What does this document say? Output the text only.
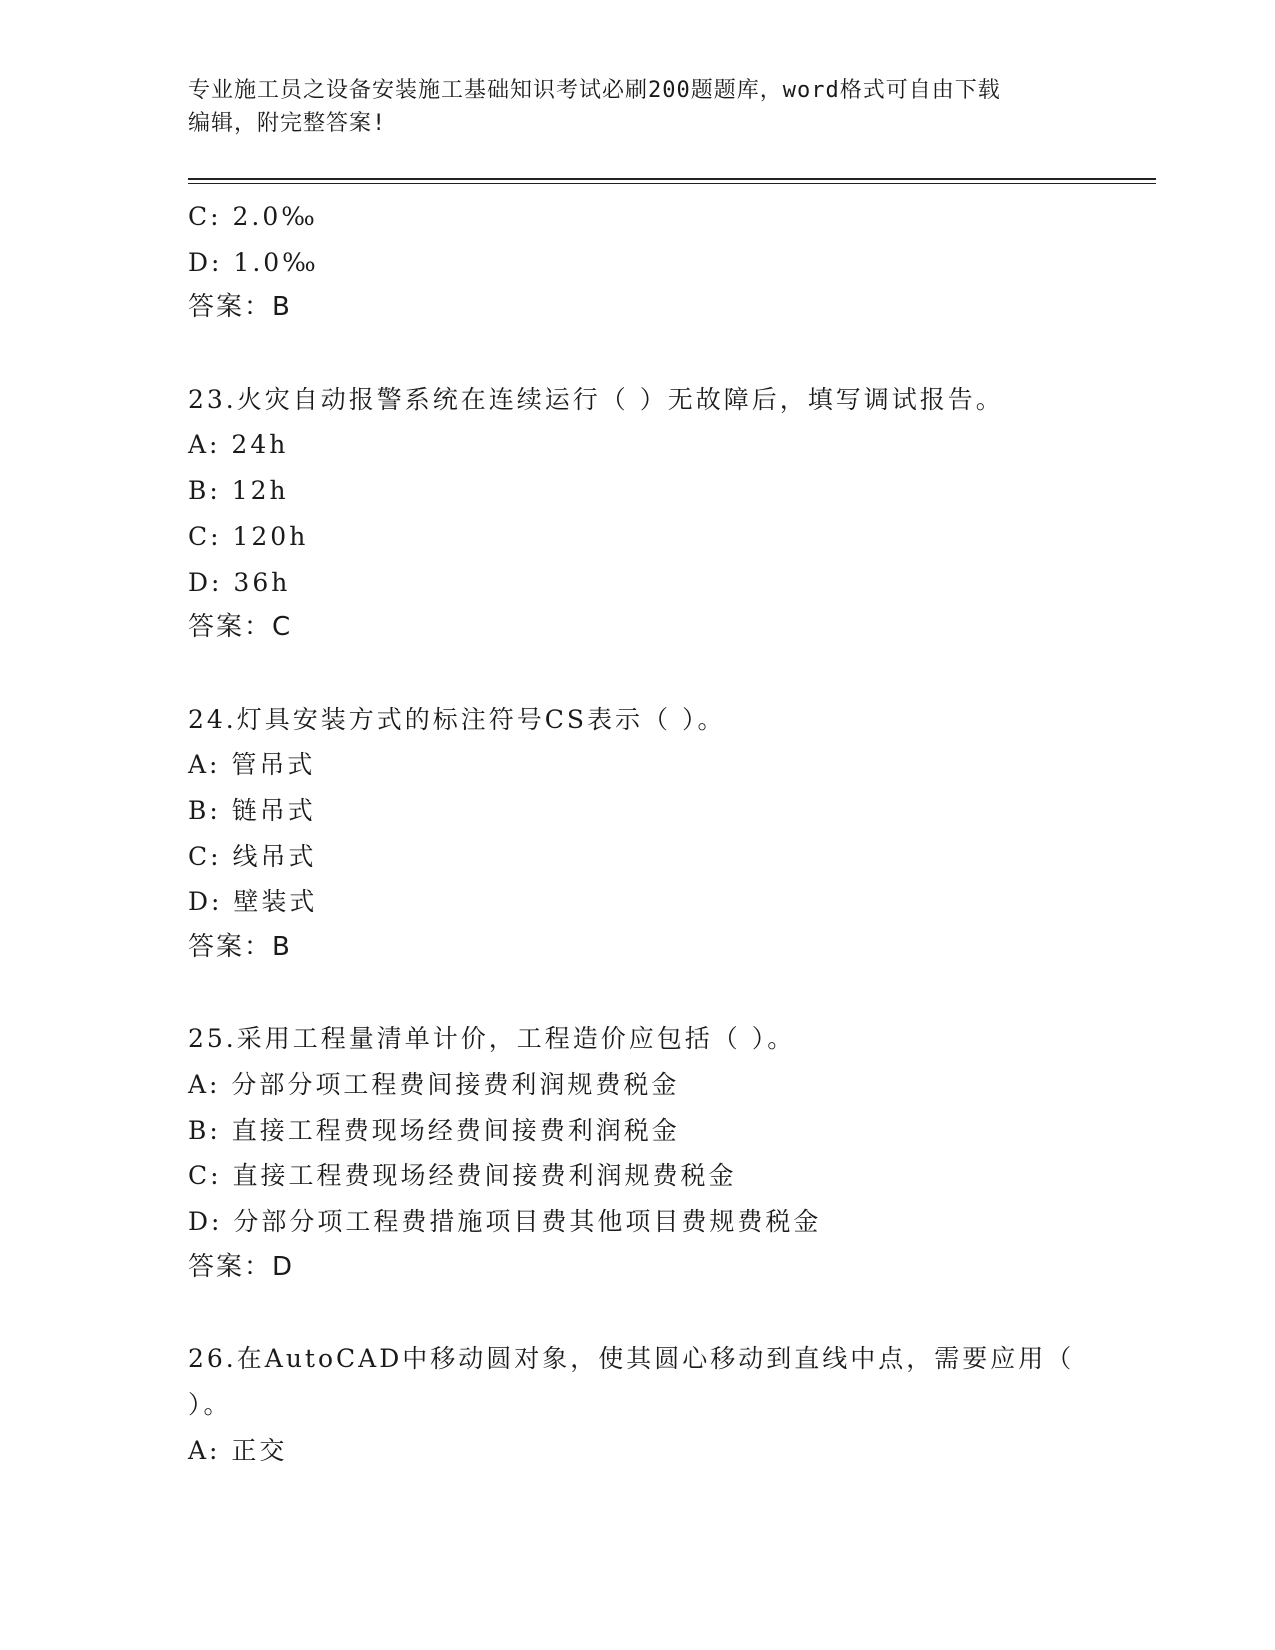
专业施工员之设备安装施工基础知识考试必刷200题题库，word格式可自由下载
编辑，附完整答案!
C: 2.0‰
D: 1.0‰
答案：B
23.火灾自动报警系统在连续运行（ ）无故障后，填写调试报告。
A: 24h
B: 12h
C: 120h
D: 36h
答案：C
24.灯具安装方式的标注符号CS表示（ ）。
A: 管吊式
B: 链吊式
C: 线吊式
D: 壁装式
答案：B
25.采用工程量清单计价，工程造价应包括（ ）。
A: 分部分项工程费间接费利润规费税金
B: 直接工程费现场经费间接费利润税金
C: 直接工程费现场经费间接费利润规费税金
D: 分部分项工程费措施项目费其他项目费规费税金
答案：D
26.在AutoCAD中移动圆对象，使其圆心移动到直线中点，需要应用（
）。
A: 正交
